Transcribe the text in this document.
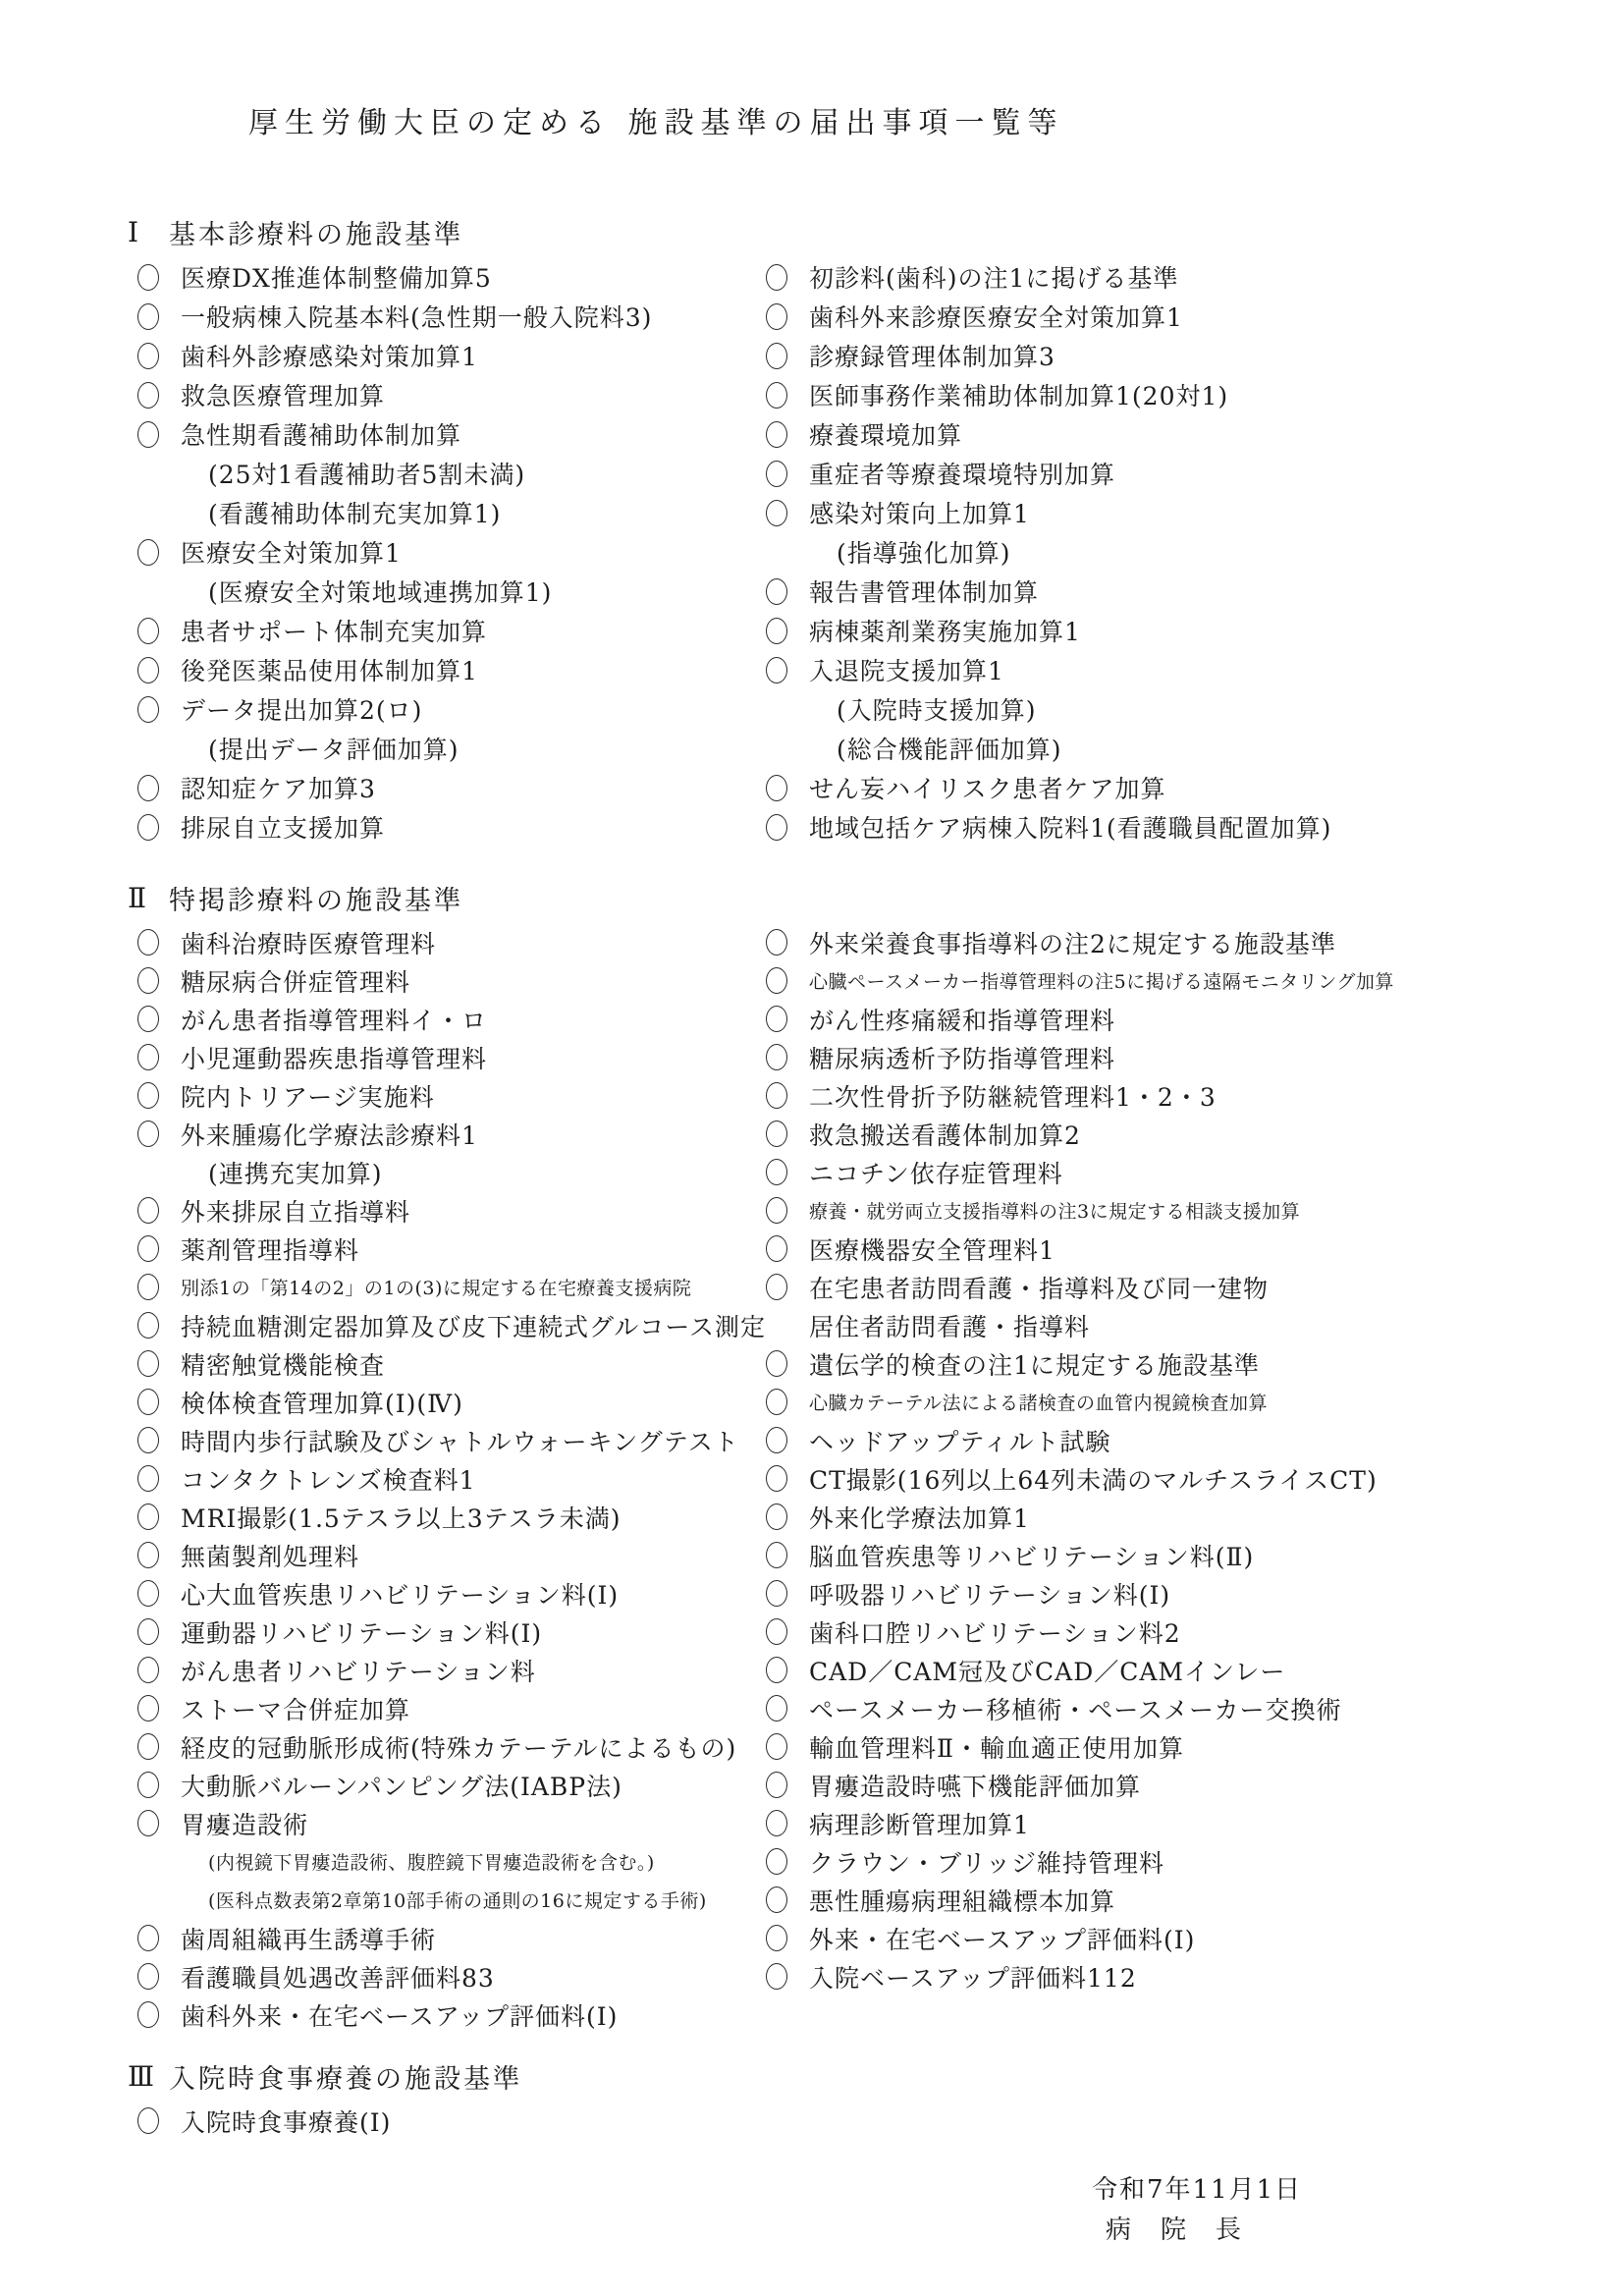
厚生労働大臣の定める 施設基準の届出事項一覧等
Ⅰ	基本診療料の施設基準
医療DX推進体制整備加算5
一般病棟入院基本料(急性期一般入院料3)
歯科外診療感染対策加算1
救急医療管理加算
急性期看護補助体制加算
(25対1看護補助者5割未満)
(看護補助体制充実加算1)
医療安全対策加算1
(医療安全対策地域連携加算1)
患者サポート体制充実加算
後発医薬品使用体制加算1
データ提出加算2(ロ)
(提出データ評価加算)
認知症ケア加算3
排尿自立支援加算
初診料(歯科)の注1に掲げる基準
歯科外来診療医療安全対策加算1
診療録管理体制加算3
医師事務作業補助体制加算1(20対1)
療養環境加算
重症者等療養環境特別加算
感染対策向上加算1
(指導強化加算)
報告書管理体制加算
病棟薬剤業務実施加算1
入退院支援加算1
(入院時支援加算)
(総合機能評価加算)
せん妄ハイリスク患者ケア加算
地域包括ケア病棟入院料1(看護職員配置加算)
Ⅱ 特掲診療料の施設基準
歯科治療時医療管理料
糖尿病合併症管理料
がん患者指導管理料イ・ロ
小児運動器疾患指導管理料
院内トリアージ実施料
外来腫瘍化学療法診療料1
(連携充実加算)
外来排尿自立指導料
薬剤管理指導料
別添1の「第14の2」の1の(3)に規定する在宅療養支援病院
持続血糖測定器加算及び皮下連続式グルコース測定
精密触覚機能検査
検体検査管理加算(Ⅰ)(Ⅳ)
時間内歩行試験及びシャトルウォーキングテスト
コンタクトレンズ検査料1
MRI撮影(1.5テスラ以上3テスラ未満)
無菌製剤処理料
心大血管疾患リハビリテーション料(Ⅰ)
運動器リハビリテーション料(Ⅰ)
がん患者リハビリテーション料
ストーマ合併症加算
経皮的冠動脈形成術(特殊カテーテルによるもの)
大動脈バルーンパンピング法(IABP法)
胃瘻造設術
(内視鏡下胃瘻造設術、腹腔鏡下胃瘻造設術を含む。)
(医科点数表第2章第10部手術の通則の16に規定する手術)
歯周組織再生誘導手術
看護職員処遇改善評価料83
歯科外来・在宅ベースアップ評価料(Ⅰ)
外来栄養食事指導料の注2に規定する施設基準
心臓ペースメーカー指導管理料の注5に掲げる遠隔モニタリング加算
がん性疼痛緩和指導管理料
糖尿病透析予防指導管理料
二次性骨折予防継続管理料1・2・3
救急搬送看護体制加算2
ニコチン依存症管理料
療養・就労両立支援指導料の注3に規定する相談支援加算
医療機器安全管理料1
在宅患者訪問看護・指導料及び同一建物
居住者訪問看護・指導料
遺伝学的検査の注1に規定する施設基準
心臓カテーテル法による諸検査の血管内視鏡検査加算
ヘッドアップティルト試験
CT撮影(16列以上64列未満のマルチスライスCT)
外来化学療法加算1
脳血管疾患等リハビリテーション料(Ⅱ)
呼吸器リハビリテーション料(Ⅰ)
歯科口腔リハビリテーション料2
CAD／CAM冠及びCAD／CAMインレー
ペースメーカー移植術・ペースメーカー交換術
輸血管理料Ⅱ・輸血適正使用加算
胃瘻造設時嚥下機能評価加算
病理診断管理加算1
クラウン・ブリッジ維持管理料
悪性腫瘍病理組織標本加算
外来・在宅ベースアップ評価料(Ⅰ)
入院ベースアップ評価料112
Ⅲ 入院時食事療養の施設基準
入院時食事療養(Ⅰ)
令和7年11月1日
病　院　長
